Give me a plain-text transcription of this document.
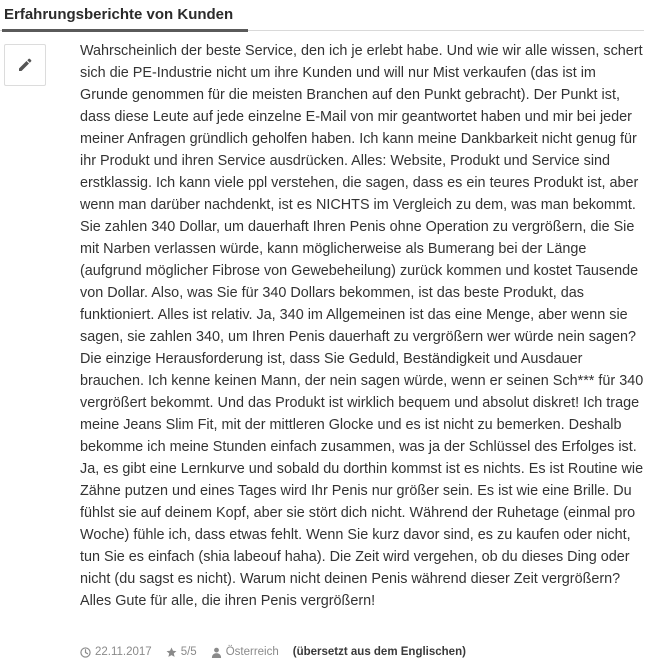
Erfahrungsberichte von Kunden

Wahrscheinlich der beste Service, den ich je erlebt habe. Und wie wir alle wissen, schert sich die PE-Industrie nicht um ihre Kunden und will nur Mist verkaufen (das ist im Grunde genommen für die meisten Branchen auf den Punkt gebracht). Der Punkt ist, dass diese Leute auf jede einzelne E-Mail von mir geantwortet haben und mir bei jeder meiner Anfragen gründlich geholfen haben. Ich kann meine Dankbarkeit nicht genug für ihr Produkt und ihren Service ausdrücken. Alles: Website, Produkt und Service sind erstklassig. Ich kann viele ppl verstehen, die sagen, dass es ein teures Produkt ist, aber wenn man darüber nachdenkt, ist es NICHTS im Vergleich zu dem, was man bekommt. Sie zahlen 340 Dollar, um dauerhaft Ihren Penis ohne Operation zu vergrößern, die Sie mit Narben verlassen würde, kann möglicherweise als Bumerang bei der Länge (aufgrund möglicher Fibrose von Gewebeheilung) zurück kommen und kostet Tausende von Dollar. Also, was Sie für 340 Dollars bekommen, ist das beste Produkt, das funktioniert. Alles ist relativ. Ja, 340 im Allgemeinen ist das eine Menge, aber wenn sie sagen, sie zahlen 340, um Ihren Penis dauerhaft zu vergrößern wer würde nein sagen? Die einzige Herausforderung ist, dass Sie Geduld, Beständigkeit und Ausdauer brauchen. Ich kenne keinen Mann, der nein sagen würde, wenn er seinen Sch*** für 340 vergrößert bekommt. Und das Produkt ist wirklich bequem und absolut diskret! Ich trage meine Jeans Slim Fit, mit der mittleren Glocke und es ist nicht zu bemerken. Deshalb bekomme ich meine Stunden einfach zusammen, was ja der Schlüssel des Erfolges ist. Ja, es gibt eine Lernkurve und sobald du dorthin kommst ist es nichts. Es ist Routine wie Zähne putzen und eines Tages wird Ihr Penis nur größer sein. Es ist wie eine Brille. Du fühlst sie auf deinem Kopf, aber sie stört dich nicht. Während der Ruhetage (einmal pro Woche) fühle ich, dass etwas fehlt. Wenn Sie kurz davor sind, es zu kaufen oder nicht, tun Sie es einfach (shia labeouf haha). Die Zeit wird vergehen, ob du dieses Ding oder nicht (du sagst es nicht). Warum nicht deinen Penis während dieser Zeit vergrößern? Alles Gute für alle, die ihren Penis vergrößern!

22.11.2017	5/5	Österreich (übersetzt aus dem Englischen)
